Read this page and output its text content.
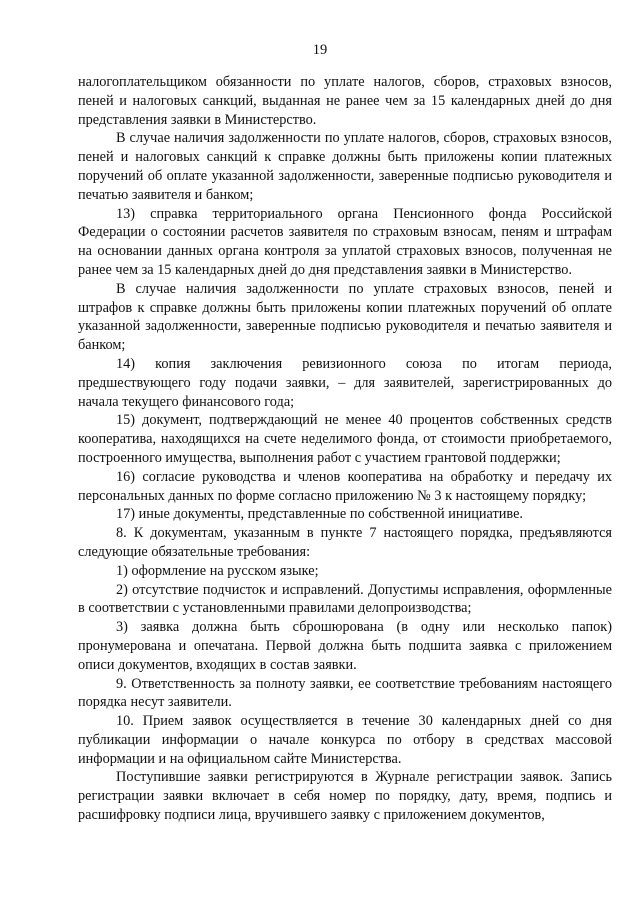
19

налогоплательщиком обязанности по уплате налогов, сборов, страховых взносов, пеней и налоговых санкций, выданная не ранее чем за 15 календарных дней до дня представления заявки в Министерство.

В случае наличия задолженности по уплате налогов, сборов, страховых взносов, пеней и налоговых санкций к справке должны быть приложены копии платежных поручений об оплате указанной задолженности, заверенные подписью руководителя и печатью заявителя и банком;

13) справка территориального органа Пенсионного фонда Российской Федерации о состоянии расчетов заявителя по страховым взносам, пеням и штрафам на основании данных органа контроля за уплатой страховых взносов, полученная не ранее чем за 15 календарных дней до дня представления заявки в Министерство.

В случае наличия задолженности по уплате страховых взносов, пеней и штрафов к справке должны быть приложены копии платежных поручений об оплате указанной задолженности, заверенные подписью руководителя и печатью заявителя и банком;

14) копия заключения ревизионного союза по итогам периода, предшествующего году подачи заявки, – для заявителей, зарегистрированных до начала текущего финансового года;

15) документ, подтверждающий не менее 40 процентов собственных средств кооператива, находящихся на счете неделимого фонда, от стоимости приобретаемого, построенного имущества, выполнения работ с участием грантовой поддержки;

16) согласие руководства и членов кооператива на обработку и передачу их персональных данных по форме согласно приложению № 3 к настоящему порядку;

17) иные документы, представленные по собственной инициативе.

8. К документам, указанным в пункте 7 настоящего порядка, предъявляются следующие обязательные требования:

1) оформление на русском языке;

2) отсутствие подчисток и исправлений. Допустимы исправления, оформленные в соответствии с установленными правилами делопроизводства;

3) заявка должна быть сброшюрована (в одну или несколько папок) пронумерована и опечатана. Первой должна быть подшита заявка с приложением описи документов, входящих в состав заявки.

9. Ответственность за полноту заявки, ее соответствие требованиям настоящего порядка несут заявители.

10. Прием заявок осуществляется в течение 30 календарных дней со дня публикации информации о начале конкурса по отбору в средствах массовой информации и на официальном сайте Министерства.

Поступившие заявки регистрируются в Журнале регистрации заявок. Запись регистрации заявки включает в себя номер по порядку, дату, время, подпись и расшифровку подписи лица, вручившего заявку с приложением документов,
